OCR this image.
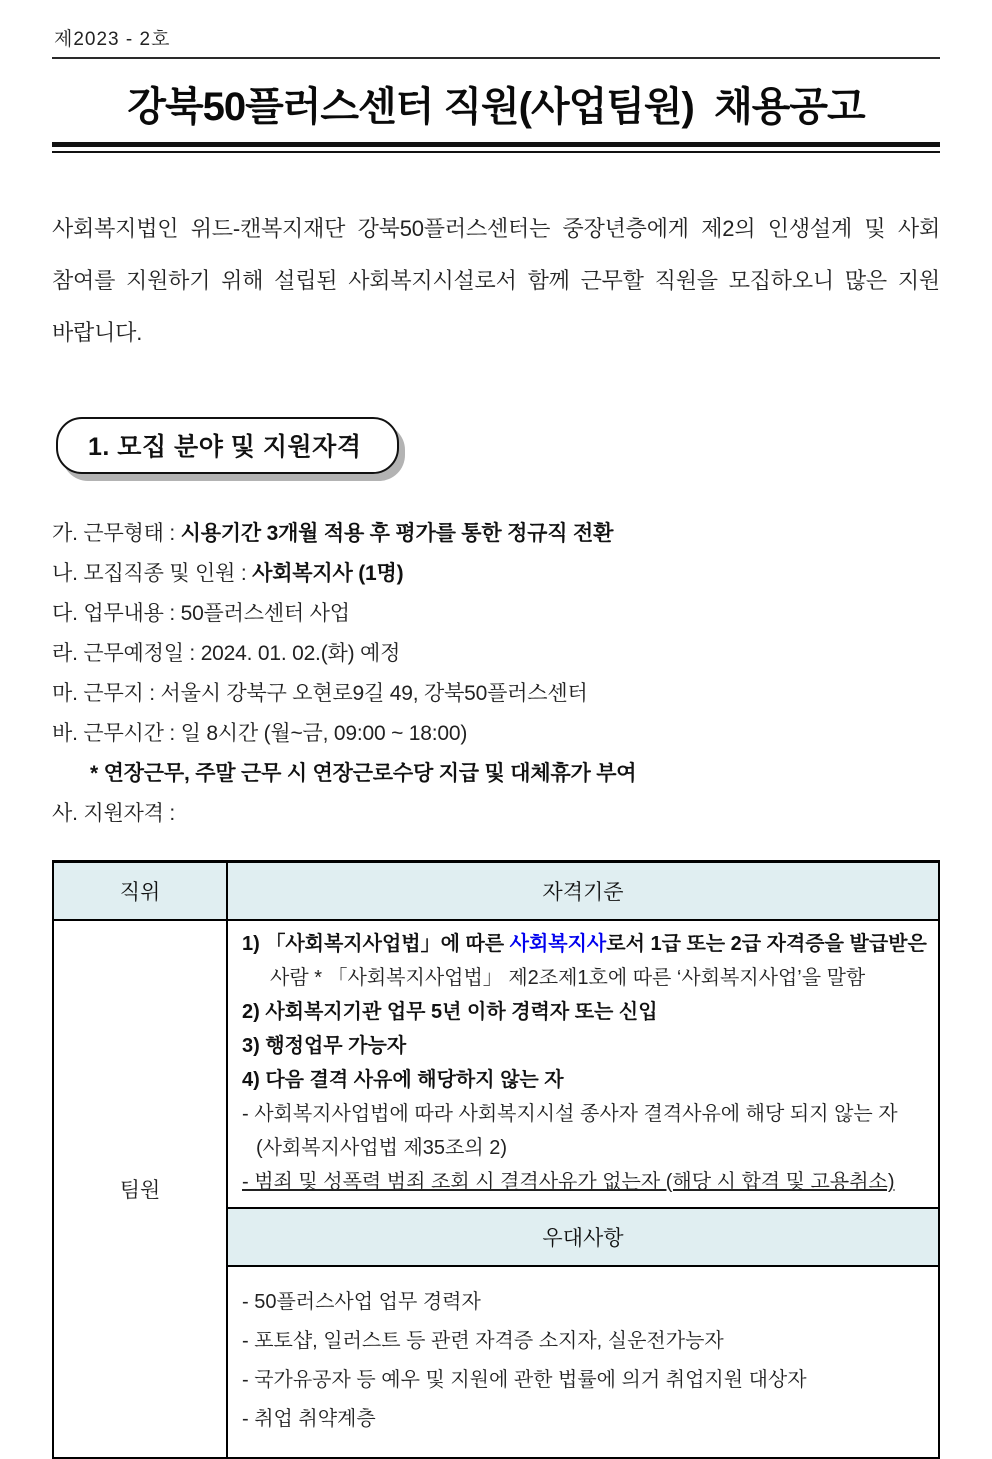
제2023 - 2호
강북50플러스센터 직원(사업팀원)  채용공고
사회복지법인 위드-캔복지재단 강북50플러스센터는 중장년층에게 제2의 인생설계 및 사회 참여를 지원하기 위해 설립된 사회복지시설로서 함께 근무할 직원을 모집하오니 많은 지원 바랍니다.
1. 모집 분야 및 지원자격
가. 근무형태 : 시용기간 3개월 적용 후 평가를 통한 정규직 전환
나. 모집직종 및 인원 : 사회복지사 (1명)
다. 업무내용 : 50플러스센터 사업
라. 근무예정일 : 2024. 01. 02.(화) 예정
마. 근무지 : 서울시 강북구 오현로9길 49, 강북50플러스센터
바. 근무시간 : 일 8시간 (월~금, 09:00 ~ 18:00)
* 연장근무, 주말 근무 시 연장근로수당 지급 및 대체휴가 부여
사. 지원자격 :
직위	자격기준
팀원	
1) 「사회복지사업법」에 따른 사회복지사로서 1급 또는 2급 자격증을 발급받은
사람 * 「사회복지사업법」 제2조제1호에 따른 ‘사회복지사업’을 말함
2) 사회복지기관 업무 5년 이하 경력자 또는 신입
3) 행정업무 가능자
4) 다음 결격 사유에 해당하지 않는 자
- 사회복지사업법에 따라 사회복지시설 종사자 결격사유에 해당 되지 않는 자
(사회복지사업법 제35조의 2)
- 범죄 및 성폭력 범죄 조회 시 결격사유가 없는자 (해당 시 합격 및 고용취소)

	우대사항

	- 50플러스사업 업무 경력자
- 포토샵, 일러스트 등 관련 자격증 소지자, 실운전가능자
- 국가유공자 등 예우 및 지원에 관한 법률에 의거 취업지원 대상자
- 취업 취약계층
